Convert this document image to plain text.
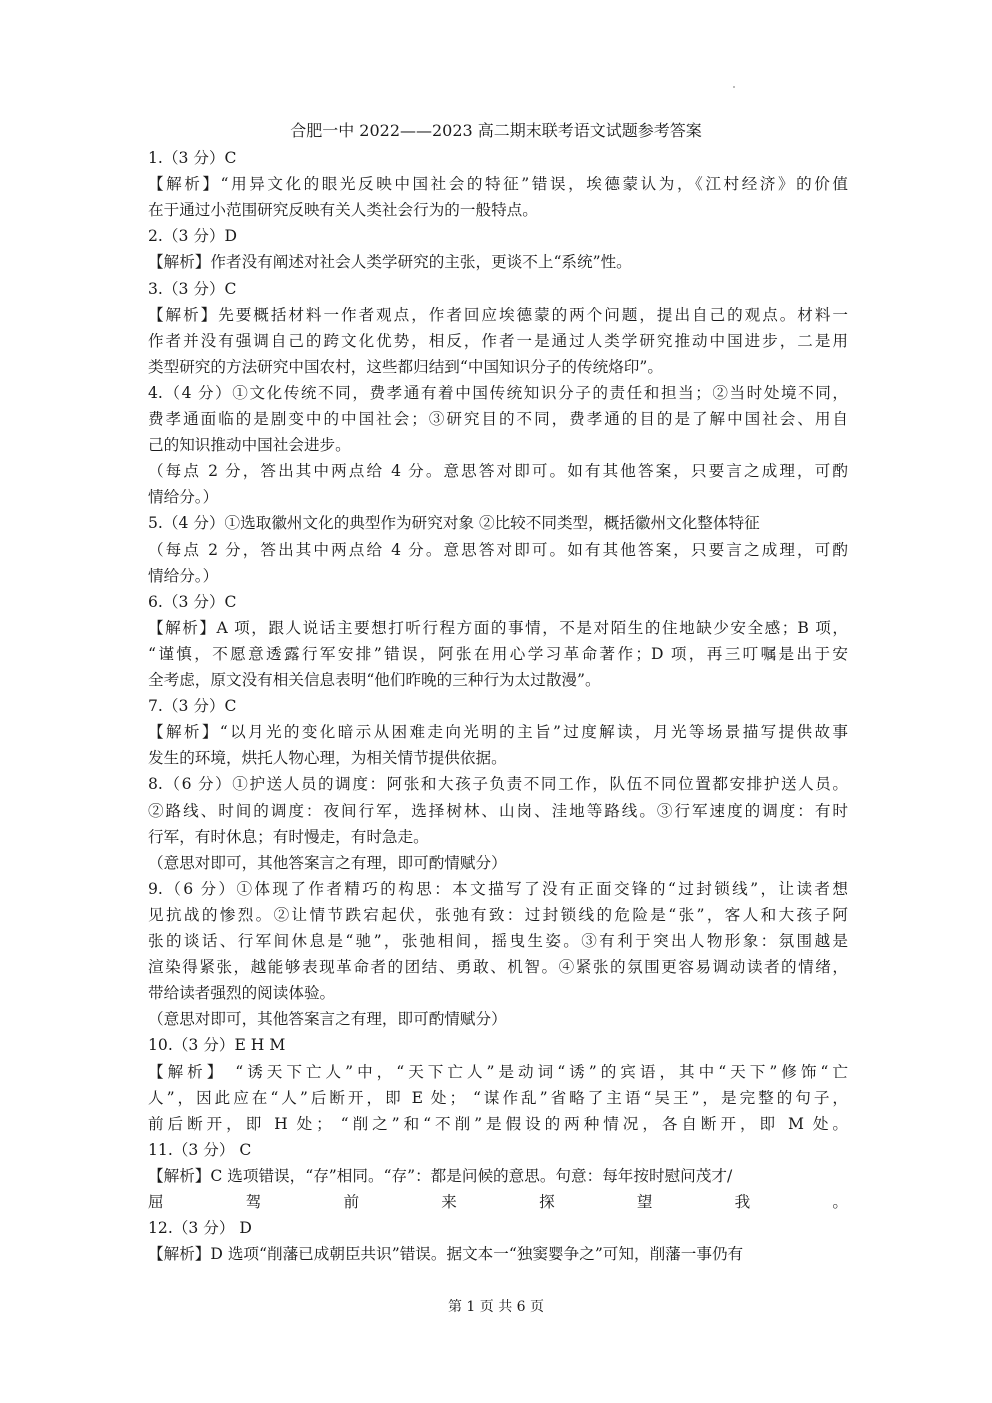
合肥一中 2022——2023 高二期末联考语文试题参考答案
1.（3 分）C
【解析】“用异文化的眼光反映中国社会的特征”错误，埃德蒙认为，《江村经济》的价值
在于通过小范围研究反映有关人类社会行为的一般特点。
2.（3 分）D
【解析】作者没有阐述对社会人类学研究的主张，更谈不上“系统”性。
3.（3 分）C
【解析】先要概括材料一作者观点，作者回应埃德蒙的两个问题，提出自己的观点。材料一
作者并没有强调自己的跨文化优势，相反，作者一是通过人类学研究推动中国进步，二是用
类型研究的方法研究中国农村，这些都归结到“中国知识分子的传统烙印”。
4.（4 分）①文化传统不同，费孝通有着中国传统知识分子的责任和担当；②当时处境不同，
费孝通面临的是剧变中的中国社会；③研究目的不同，费孝通的目的是了解中国社会、用自
己的知识推动中国社会进步。
（每点 2 分，答出其中两点给 4 分。意思答对即可。如有其他答案，只要言之成理，可酌
情给分。）
5.（4 分）①选取徽州文化的典型作为研究对象 ②比较不同类型，概括徽州文化整体特征
（每点 2 分，答出其中两点给 4 分。意思答对即可。如有其他答案，只要言之成理，可酌
情给分。）
6.（3 分）C
【解析】A 项，跟人说话主要想打听行程方面的事情，不是对陌生的住地缺少安全感；B 项，
“谨慎，不愿意透露行军安排”错误，阿张在用心学习革命著作；D 项，再三叮嘱是出于安
全考虑，原文没有相关信息表明“他们昨晚的三种行为太过散漫”。
7.（3 分）C
【解析】“以月光的变化暗示从困难走向光明的主旨”过度解读，月光等场景描写提供故事
发生的环境，烘托人物心理，为相关情节提供依据。
8.（6 分）①护送人员的调度：阿张和大孩子负责不同工作，队伍不同位置都安排护送人员。
②路线、时间的调度：夜间行军，选择树林、山岗、洼地等路线。③行军速度的调度：有时
行军，有时休息；有时慢走，有时急走。
（意思对即可，其他答案言之有理，即可酌情赋分）
9.（6 分）①体现了作者精巧的构思：本文描写了没有正面交锋的“过封锁线”，让读者想
见抗战的惨烈。②让情节跌宕起伏，张弛有致：过封锁线的危险是“张”，客人和大孩子阿
张的谈话、行军间休息是“驰”，张弛相间，摇曳生姿。③有利于突出人物形象：氛围越是
渲染得紧张，越能够表现革命者的团结、勇敢、机智。④紧张的氛围更容易调动读者的情绪，
带给读者强烈的阅读体验。
（意思对即可，其他答案言之有理，即可酌情赋分）
10.（3 分）E H M
【解析】 “诱天下亡人”中，“天下亡人”是动词“诱”的宾语，其中“天下”修饰“亡
人”，因此应在“人”后断开，即 E 处； “谋作乱”省略了主语“吴王”，是完整的句子，
前后断开，即 H 处； “削之”和“不削”是假设的两种情况，各自断开，即 M 处。
11.（3 分） C
【解析】C 选项错误，“存”相同。“存”：都是问候的意思。句意：每年按时慰问茂才/
屈驾前来探望我。
12.（3 分） D
【解析】D 选项“削藩已成朝臣共识”错误。据文本一“独窦婴争之”可知，削藩一事仍有
第 1 页 共 6 页
